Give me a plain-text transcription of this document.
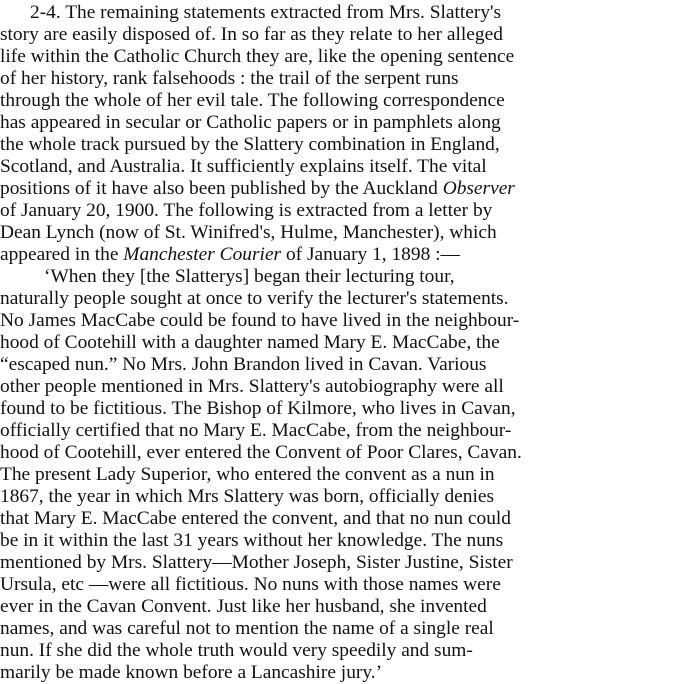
2-4. The remaining statements extracted from Mrs. Slattery's
story are easily disposed of. In so far as they relate to her alleged
life within the Catholic Church they are, like the opening sentence
of her history, rank falsehoods : the trail of the serpent runs
through the whole of her evil tale. The following correspondence
has appeared in secular or Catholic papers or in pamphlets along
the whole track pursued by the Slattery combination in England,
Scotland, and Australia. It sufficiently explains itself. The vital
positions of it have also been published by the Auckland Observer
of January 20, 1900. The following is extracted from a letter by
Dean Lynch (now of St. Winifred's, Hulme, Manchester), which
appeared in the Manchester Courier of January 1, 1898 :—
‘When they [the Slatterys] began their lecturing tour,
naturally people sought at once to verify the lecturer's statements.
No James MacCabe could be found to have lived in the neighbour-
hood of Cootehill with a daughter named Mary E. MacCabe, the
“escaped nun.” No Mrs. John Brandon lived in Cavan. Various
other people mentioned in Mrs. Slattery's autobiography were all
found to be fictitious. The Bishop of Kilmore, who lives in Cavan,
officially certified that no Mary E. MacCabe, from the neighbour-
hood of Cootehill, ever entered the Convent of Poor Clares, Cavan.
The present Lady Superior, who entered the convent as a nun in
1867, the year in which Mrs Slattery was born, officially denies
that Mary E. MacCabe entered the convent, and that no nun could
be in it within the last 31 years without her knowledge. The nuns
mentioned by Mrs. Slattery—Mother Joseph, Sister Justine, Sister
Ursula, etc —were all fictitious. No nuns with those names were
ever in the Cavan Convent. Just like her husband, she invented
names, and was careful not to mention the name of a single real
nun. If she did the whole truth would very speedily and sum-
marily be made known before a Lancashire jury.’
